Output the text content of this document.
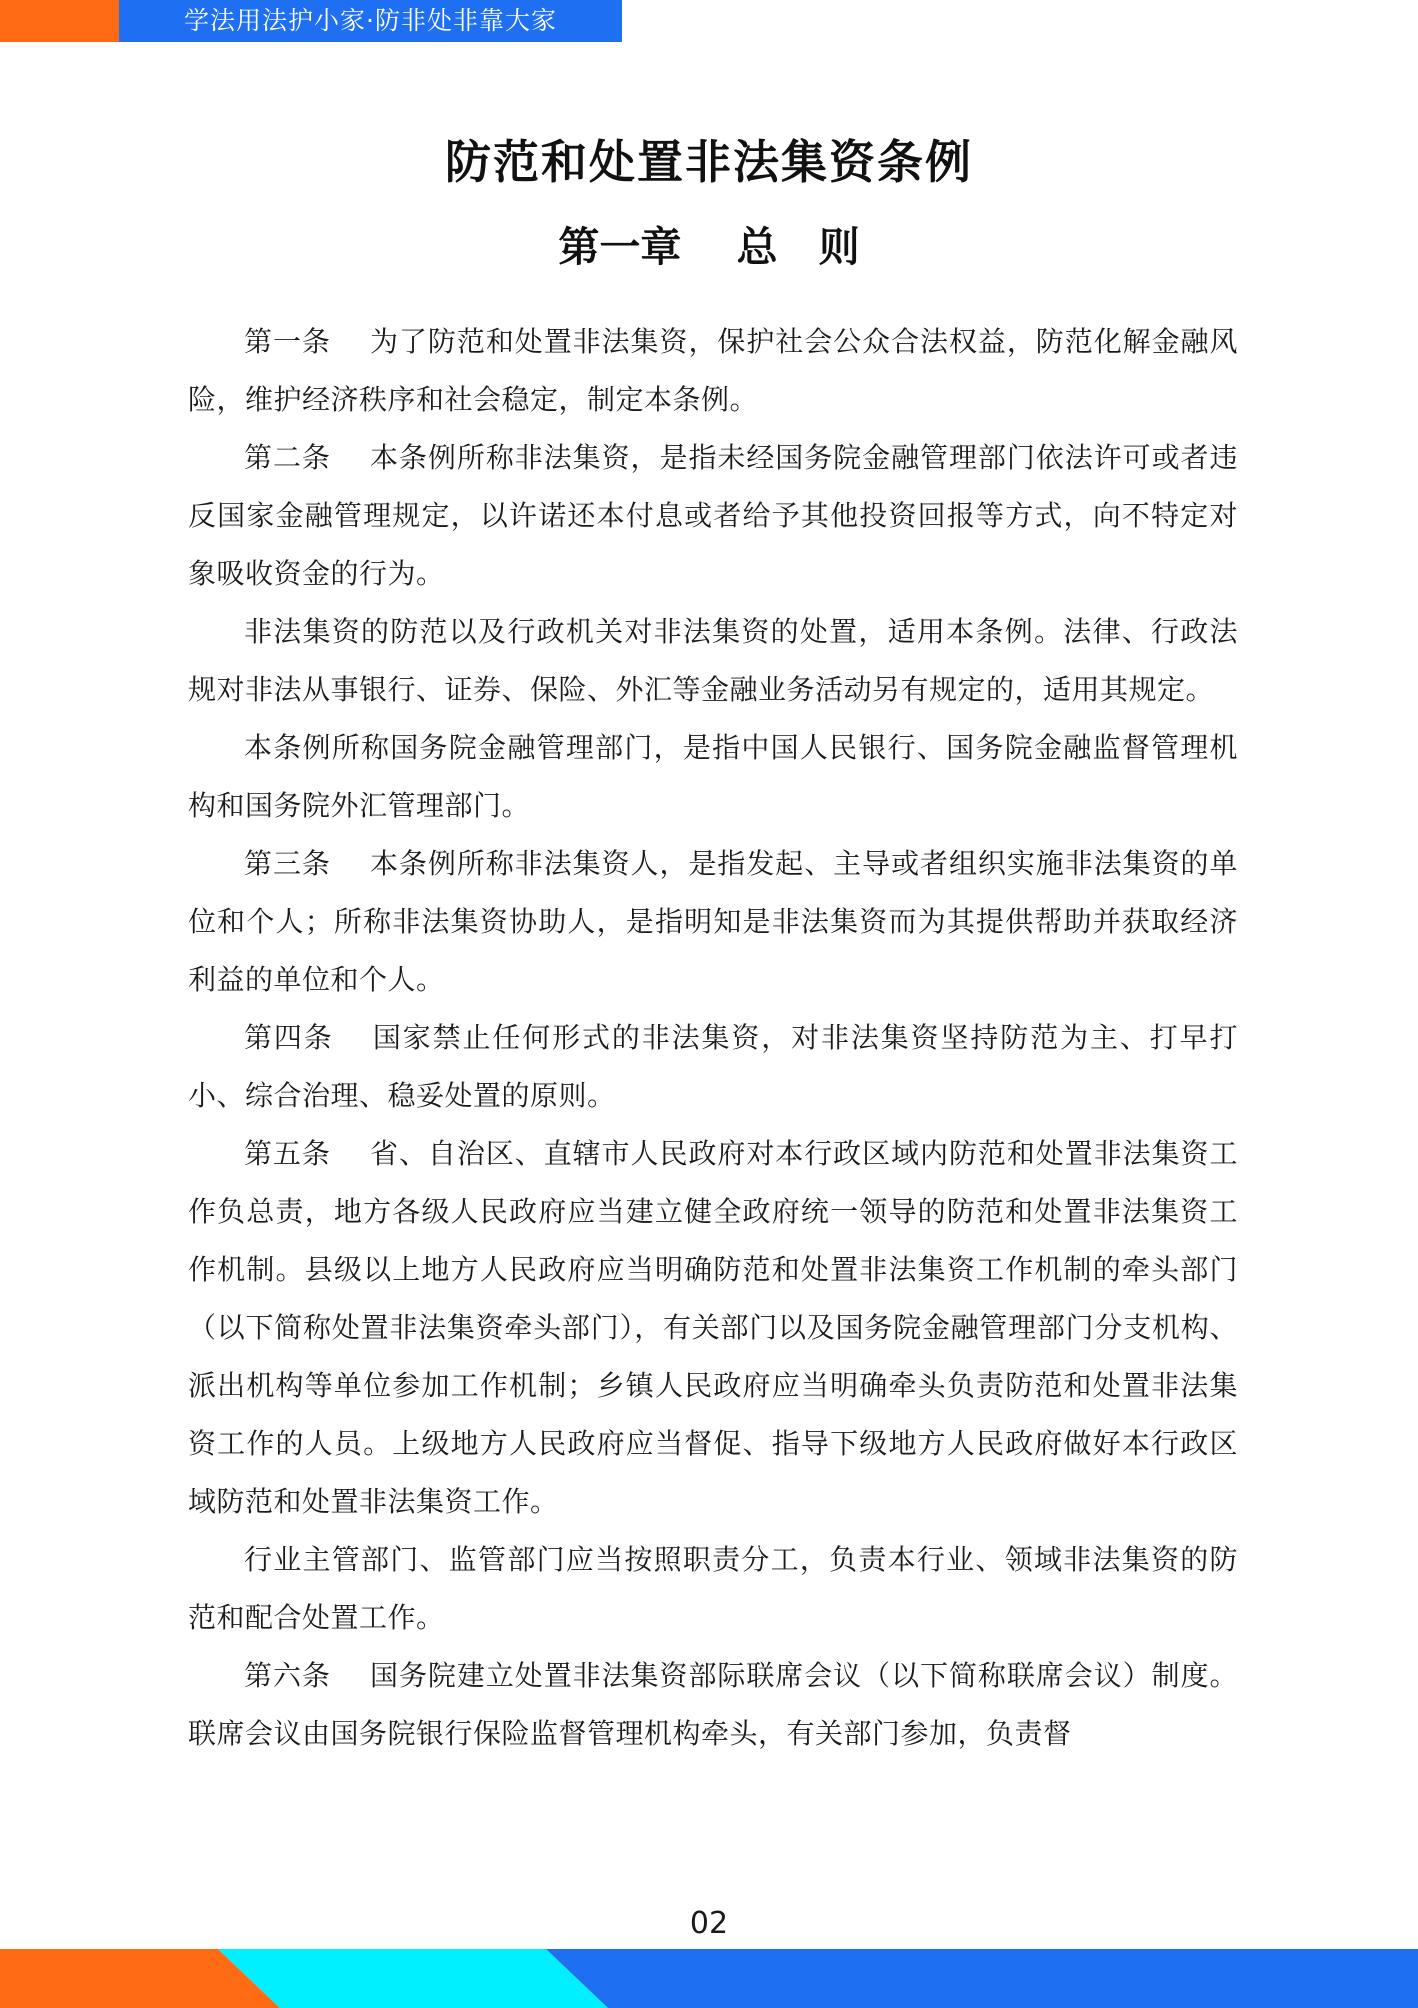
学法用法护小家·防非处非靠大家
防范和处置非法集资条例
第一章　 总　则

第一条 为了防范和处置非法集资，保护社会公众合法权益，防范化解金融风险，维护经济秩序和社会稳定，制定本条例。

第二条 本条例所称非法集资，是指未经国务院金融管理部门依法许可或者违反国家金融管理规定，以许诺还本付息或者给予其他投资回报等方式，向不特定对象吸收资金的行为。

非法集资的防范以及行政机关对非法集资的处置，适用本条例。法律、行政法规对非法从事银行、证券、保险、外汇等金融业务活动另有规定的，适用其规定。

本条例所称国务院金融管理部门，是指中国人民银行、国务院金融监督管理机构和国务院外汇管理部门。

第三条 本条例所称非法集资人，是指发起、主导或者组织实施非法集资的单位和个人；所称非法集资协助人，是指明知是非法集资而为其提供帮助并获取经济利益的单位和个人。

第四条 国家禁止任何形式的非法集资，对非法集资坚持防范为主、打早打小、综合治理、稳妥处置的原则。

第五条 省、自治区、直辖市人民政府对本行政区域内防范和处置非法集资工作负总责，地方各级人民政府应当建立健全政府统一领导的防范和处置非法集资工作机制。县级以上地方人民政府应当明确防范和处置非法集资工作机制的牵头部门（以下简称处置非法集资牵头部门），有关部门以及国务院金融管理部门分支机构、派出机构等单位参加工作机制；乡镇人民政府应当明确牵头负责防范和处置非法集资工作的人员。上级地方人民政府应当督促、指导下级地方人民政府做好本行政区域防范和处置非法集资工作。

行业主管部门、监管部门应当按照职责分工，负责本行业、领域非法集资的防范和配合处置工作。

第六条 国务院建立处置非法集资部际联席会议（以下简称联席会议）制度。联席会议由国务院银行保险监督管理机构牵头，有关部门参加，负责督

02
